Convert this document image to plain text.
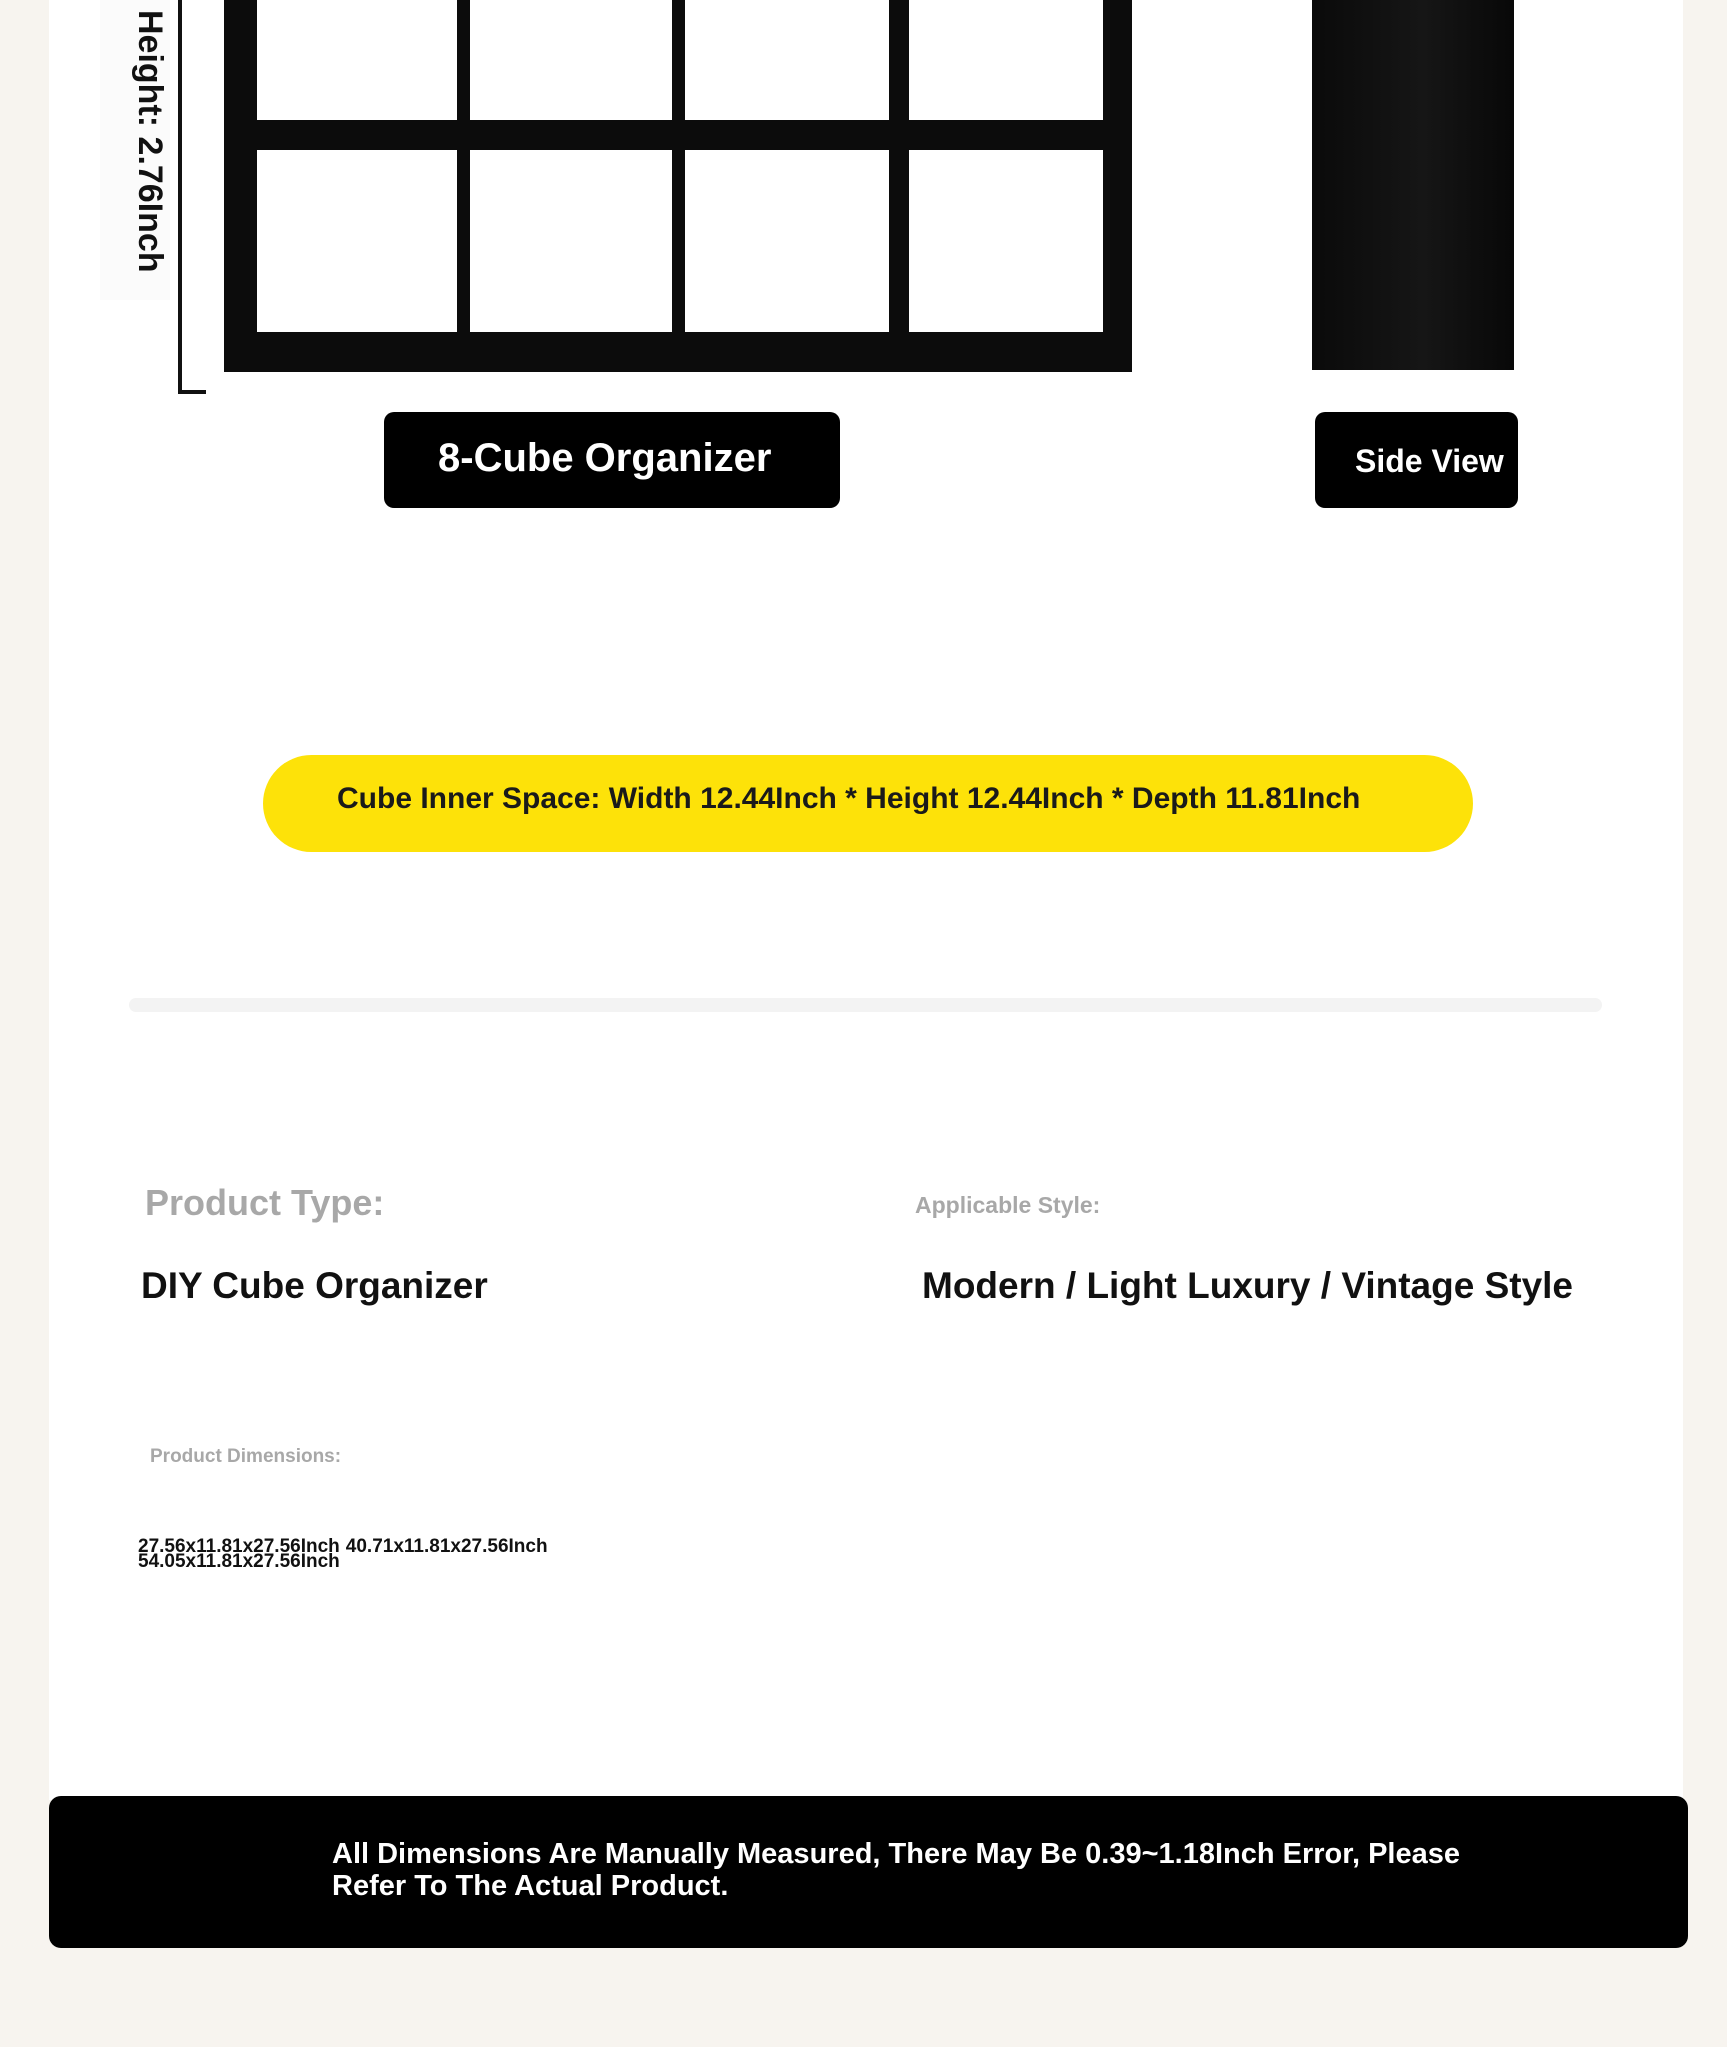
Height: 2.76Inch
8-Cube Organizer	Side View
Cube Inner Space: Width 12.44Inch * Height 12.44Inch * Depth 11.81Inch
Product Type:
DIY Cube Organizer
Applicable Style:
Modern / Light Luxury / Vintage Style
Product Dimensions:
27.56x11.81x27.56Inch 40.71x11.81x27.56Inch
54.05x11.81x27.56Inch

All Dimensions Are Manually Measured, There May Be 0.39~1.18Inch Error, Please Refer To The Actual Product.
